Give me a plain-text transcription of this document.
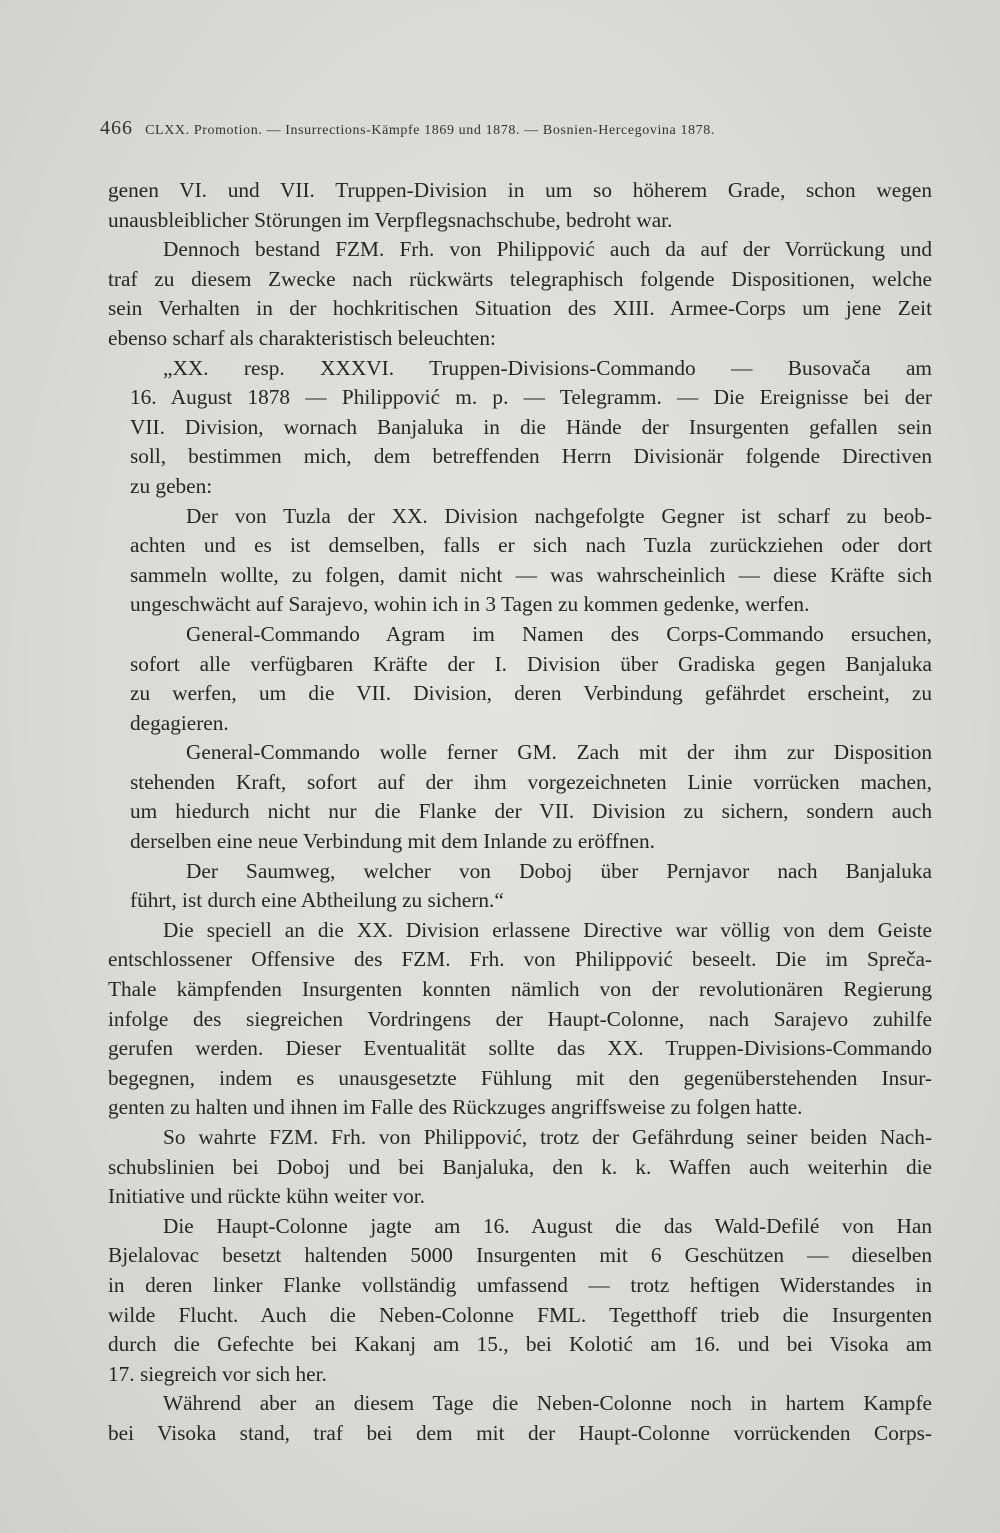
466 CLXX. Promotion. — Insurrections-Kämpfe 1869 und 1878. — Bosnien-Hercegovina 1878.
genen VI. und VII. Truppen-Division in um so höherem Grade, schon wegen
unausbleiblicher Störungen im Verpflegsnachschube, bedroht war.
Dennoch bestand FZM. Frh. von Philippović auch da auf der Vorrückung und
traf zu diesem Zwecke nach rückwärts telegraphisch folgende Dispositionen, welche
sein Verhalten in der hochkritischen Situation des XIII. Armee-Corps um jene Zeit
ebenso scharf als charakteristisch beleuchten:
„XX. resp. XXXVI. Truppen-Divisions-Commando — Busovača am
16. August 1878 — Philippović m. p. — Telegramm. — Die Ereignisse bei der
VII. Division, wornach Banjaluka in die Hände der Insurgenten gefallen sein
soll, bestimmen mich, dem betreffenden Herrn Divisionär folgende Directiven
zu geben:
Der von Tuzla der XX. Division nachgefolgte Gegner ist scharf zu beob-
achten und es ist demselben, falls er sich nach Tuzla zurückziehen oder dort
sammeln wollte, zu folgen, damit nicht — was wahrscheinlich — diese Kräfte sich
ungeschwächt auf Sarajevo, wohin ich in 3 Tagen zu kommen gedenke, werfen.
General-Commando Agram im Namen des Corps-Commando ersuchen,
sofort alle verfügbaren Kräfte der I. Division über Gradiska gegen Banjaluka
zu werfen, um die VII. Division, deren Verbindung gefährdet erscheint, zu
degagieren.
General-Commando wolle ferner GM. Zach mit der ihm zur Disposition
stehenden Kraft, sofort auf der ihm vorgezeichneten Linie vorrücken machen,
um hiedurch nicht nur die Flanke der VII. Division zu sichern, sondern auch
derselben eine neue Verbindung mit dem Inlande zu eröffnen.
Der Saumweg, welcher von Doboj über Pernjavor nach Banjaluka
führt, ist durch eine Abtheilung zu sichern.“
Die speciell an die XX. Division erlassene Directive war völlig von dem Geiste
entschlossener Offensive des FZM. Frh. von Philippović beseelt. Die im Spreča-
Thale kämpfenden Insurgenten konnten nämlich von der revolutionären Regierung
infolge des siegreichen Vordringens der Haupt-Colonne, nach Sarajevo zuhilfe
gerufen werden. Dieser Eventualität sollte das XX. Truppen-Divisions-Commando
begegnen, indem es unausgesetzte Fühlung mit den gegenüberstehenden Insur-
genten zu halten und ihnen im Falle des Rückzuges angriffsweise zu folgen hatte.
So wahrte FZM. Frh. von Philippović, trotz der Gefährdung seiner beiden Nach-
schubslinien bei Doboj und bei Banjaluka, den k. k. Waffen auch weiterhin die
Initiative und rückte kühn weiter vor.
Die Haupt-Colonne jagte am 16. August die das Wald-Defilé von Han
Bjelalovac besetzt haltenden 5000 Insurgenten mit 6 Geschützen — dieselben
in deren linker Flanke vollständig umfassend — trotz heftigen Widerstandes in
wilde Flucht. Auch die Neben-Colonne FML. Tegetthoff trieb die Insurgenten
durch die Gefechte bei Kakanj am 15., bei Kolotić am 16. und bei Visoka am
17. siegreich vor sich her.
Während aber an diesem Tage die Neben-Colonne noch in hartem Kampfe
bei Visoka stand, traf bei dem mit der Haupt-Colonne vorrückenden Corps-
